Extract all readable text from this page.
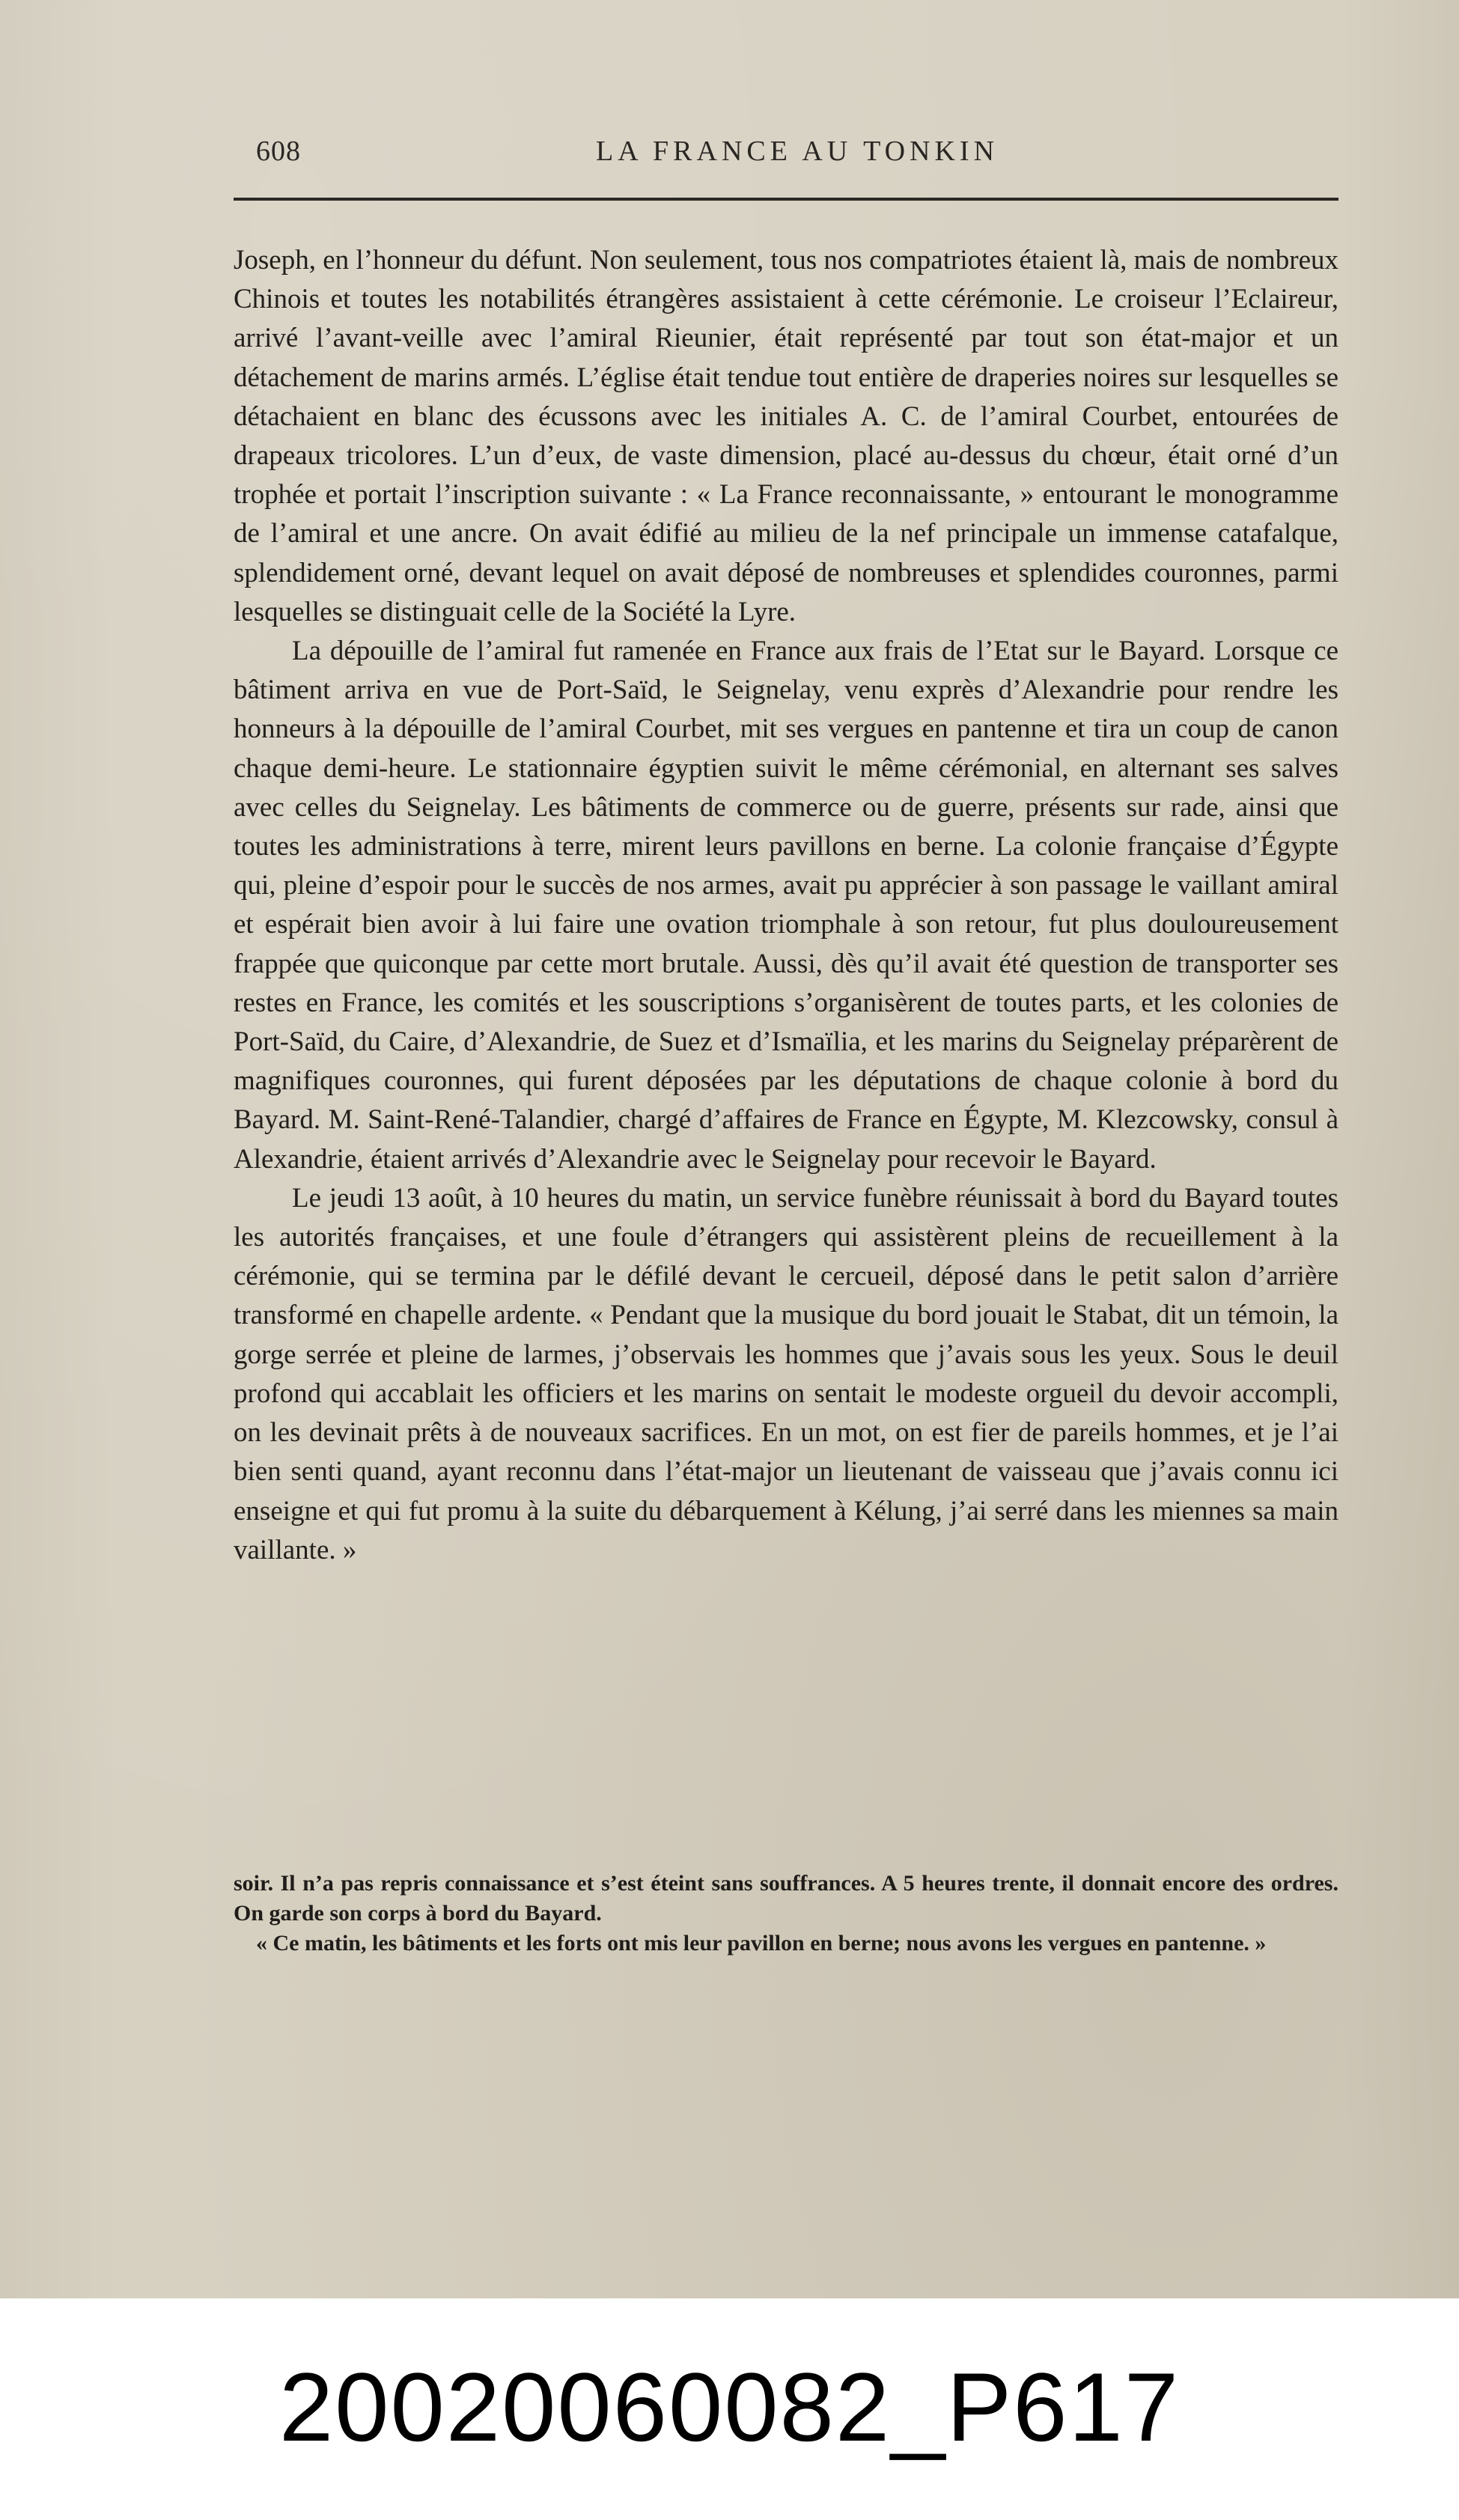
608	LA FRANCE AU TONKIN

Joseph, en l’honneur du défunt. Non seulement, tous nos compatriotes étaient là, mais de nombreux Chinois et toutes les notabilités étrangères assistaient à cette cérémonie. Le croiseur l’Eclaireur, arrivé l’avant-veille avec l’amiral Rieunier, était représenté par tout son état-major et un détachement de marins armés. L’église était tendue tout entière de draperies noires sur lesquelles se détachaient en blanc des écussons avec les initiales A. C. de l’amiral Courbet, entourées de drapeaux tricolores. L’un d’eux, de vaste dimension, placé au-dessus du chœur, était orné d’un trophée et portait l’inscription suivante : « La France reconnaissante, » entourant le monogramme de l’amiral et une ancre. On avait édifié au milieu de la nef principale un immense catafalque, splendidement orné, devant lequel on avait déposé de nombreuses et splendides couronnes, parmi lesquelles se distinguait celle de la Société la Lyre.

La dépouille de l’amiral fut ramenée en France aux frais de l’Etat sur le Bayard. Lorsque ce bâtiment arriva en vue de Port-Saïd, le Seignelay, venu exprès d’Alexandrie pour rendre les honneurs à la dépouille de l’amiral Courbet, mit ses vergues en pantenne et tira un coup de canon chaque demi-heure. Le stationnaire égyptien suivit le même cérémonial, en alternant ses salves avec celles du Seignelay. Les bâtiments de commerce ou de guerre, présents sur rade, ainsi que toutes les administrations à terre, mirent leurs pavillons en berne. La colonie française d’Égypte qui, pleine d’espoir pour le succès de nos armes, avait pu apprécier à son passage le vaillant amiral et espérait bien avoir à lui faire une ovation triomphale à son retour, fut plus douloureusement frappée que quiconque par cette mort brutale. Aussi, dès qu’il avait été question de transporter ses restes en France, les comités et les souscriptions s’organisèrent de toutes parts, et les colonies de Port-Saïd, du Caire, d’Alexandrie, de Suez et d’Ismaïlia, et les marins du Seignelay préparèrent de magnifiques couronnes, qui furent déposées par les députations de chaque colonie à bord du Bayard. M. Saint-René-Talandier, chargé d’affaires de France en Égypte, M. Klezcowsky, consul à Alexandrie, étaient arrivés d’Alexandrie avec le Seignelay pour recevoir le Bayard.

Le jeudi 13 août, à 10 heures du matin, un service funèbre réunissait à bord du Bayard toutes les autorités françaises, et une foule d’étrangers qui assistèrent pleins de recueillement à la cérémonie, qui se termina par le défilé devant le cercueil, déposé dans le petit salon d’arrière transformé en chapelle ardente. « Pendant que la musique du bord jouait le Stabat, dit un témoin, la gorge serrée et pleine de larmes, j’observais les hommes que j’avais sous les yeux. Sous le deuil profond qui accablait les officiers et les marins on sentait le modeste orgueil du devoir accompli, on les devinait prêts à de nouveaux sacrifices. En un mot, on est fier de pareils hommes, et je l’ai bien senti quand, ayant reconnu dans l’état-major un lieutenant de vaisseau que j’avais connu ici enseigne et qui fut promu à la suite du débarquement à Kélung, j’ai serré dans les miennes sa main vaillante. »

soir. Il n’a pas repris connaissance et s’est éteint sans souffrances. A 5 heures trente, il donnait encore des ordres. On garde son corps à bord du Bayard.

« Ce matin, les bâtiments et les forts ont mis leur pavillon en berne; nous avons les vergues en pantenne. »

20020060082_P617
